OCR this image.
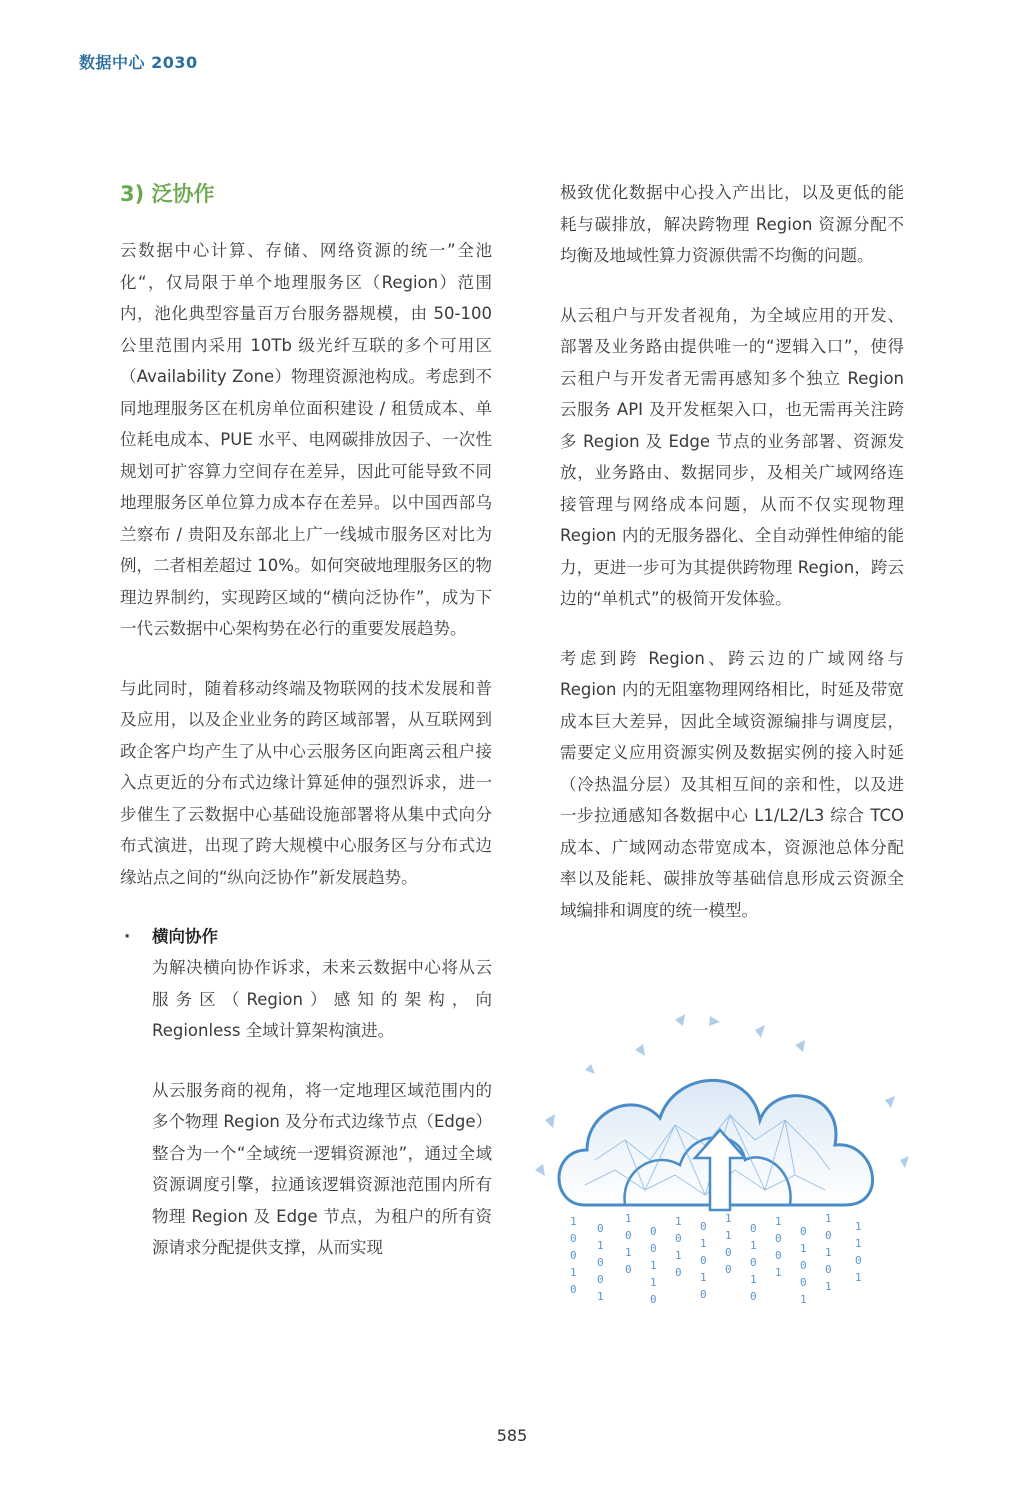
数据中心 2030
3) 泛协作

云数据中心计算、存储、网络资源的统一”全池化“，仅局限于单个地理服务区（Region）范围内，池化典型容量百万台服务器规模，由 50-100 公里范围内采用 10Tb 级光纤互联的多个可用区（Availability Zone）物理资源池构成。考虑到不同地理服务区在机房单位面积建设 / 租赁成本、单位耗电成本、PUE 水平、电网碳排放因子、一次性规划可扩容算力空间存在差异，因此可能导致不同地理服务区单位算力成本存在差异。以中国西部乌兰察布 / 贵阳及东部北上广一线城市服务区对比为例，二者相差超过 10%。如何突破地理服务区的物理边界制约，实现跨区域的“横向泛协作”，成为下一代云数据中心架构势在必行的重要发展趋势。

与此同时，随着移动终端及物联网的技术发展和普及应用，以及企业业务的跨区域部署，从互联网到政企客户均产生了从中心云服务区向距离云租户接入点更近的分布式边缘计算延伸的强烈诉求，进一步催生了云数据中心基础设施部署将从集中式向分布式演进，出现了跨大规模中心服务区与分布式边缘站点之间的“纵向泛协作”新发展趋势。

· 横向协作

为解决横向协作诉求，未来云数据中心将从云服务区（Region）感知的架构，向 Regionless 全域计算架构演进。

从云服务商的视角，将一定地理区域范围内的多个物理 Region 及分布式边缘节点（Edge）整合为一个“全域统一逻辑资源池”，通过全域资源调度引擎，拉通该逻辑资源池范围内所有物理 Region 及 Edge 节点，为租户的所有资源请求分配提供支撑，从而实现

极致优化数据中心投入产出比，以及更低的能耗与碳排放，解决跨物理 Region 资源分配不均衡及地域性算力资源供需不均衡的问题。

从云租户与开发者视角，为全域应用的开发、部署及业务路由提供唯一的“逻辑入口”，使得云租户与开发者无需再感知多个独立 Region 云服务 API 及开发框架入口，也无需再关注跨多 Region 及 Edge 节点的业务部署、资源发放，业务路由、数据同步，及相关广域网络连接管理与网络成本问题，从而不仅实现物理 Region 内的无服务器化、全自动弹性伸缩的能力，更进一步可为其提供跨物理 Region，跨云边的“单机式”的极简开发体验。

考虑到跨 Region、跨云边的广域网络与 Region 内的无阻塞物理网络相比，时延及带宽成本巨大差异，因此全域资源编排与调度层，需要定义应用资源实例及数据实例的接入时延（冷热温分层）及其相互间的亲和性，以及进一步拉通感知各数据中心 L1/L2/L3 综合 TCO 成本、广域网动态带宽成本，资源池总体分配率以及能耗、碳排放等基础信息形成云资源全域编排和调度的统一模型。

1
0
0
1
0
0
1
0
0
1
1
0
1
0
0
0
1
1
0
1
0
1
0
0
1
0
1
0
1
1
0
0
0
1
0
1
0
1
0
0
1
0
1
0
0
1
1
0
1
0
1
1
1
0
1
585
